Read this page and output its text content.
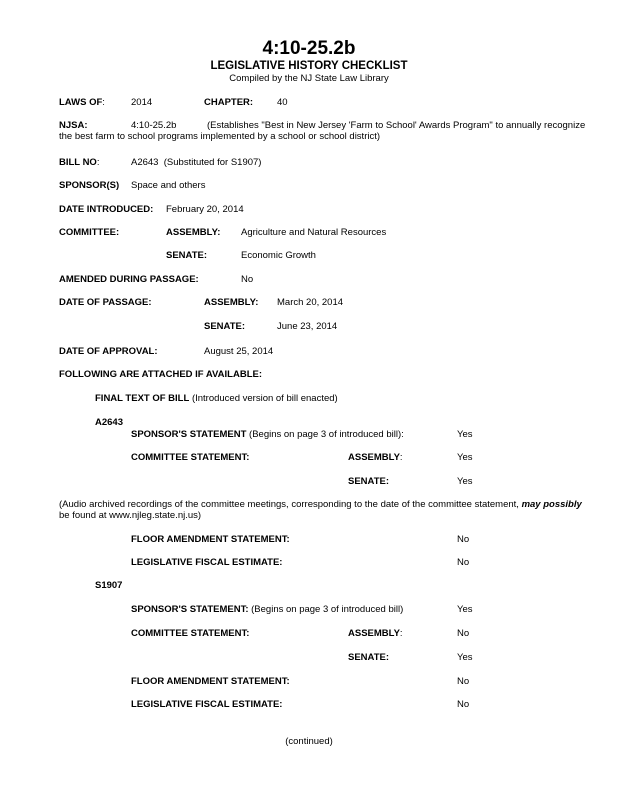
4:10-25.2b
LEGISLATIVE HISTORY CHECKLIST
Compiled by the NJ State Law Library
LAWS OF:	2014	CHAPTER:	40
NJSA:	4:10-25.2b	(Establishes "Best in New Jersey 'Farm to School' Awards Program" to annually recognize
the best farm to school programs implemented by a school or school district)
BILL NO:	A2643 (Substituted for S1907)
SPONSOR(S) Space and others
DATE INTRODUCED: February 20, 2014
COMMITTEE:	ASSEMBLY: Agriculture and Natural Resources
SENATE:	Economic Growth
AMENDED DURING PASSAGE:	No
DATE OF PASSAGE:	ASSEMBLY: March 20, 2014
SENATE:	June 23, 2014
DATE OF APPROVAL:	August 25, 2014
FOLLOWING ARE ATTACHED IF AVAILABLE:
FINAL TEXT OF BILL (Introduced version of bill enacted)
A2643
SPONSOR'S STATEMENT (Begins on page 3 of introduced bill):	Yes
COMMITTEE STATEMENT:	ASSEMBLY:	Yes
SENATE:	Yes
(Audio archived recordings of the committee meetings, corresponding to the date of the committee statement, may possibly
be found at www.njleg.state.nj.us)
FLOOR AMENDMENT STATEMENT:	No
LEGISLATIVE FISCAL ESTIMATE:	No
S1907
SPONSOR'S STATEMENT: (Begins on page 3 of introduced bill)	Yes
COMMITTEE STATEMENT:	ASSEMBLY:	No
SENATE:	Yes
FLOOR AMENDMENT STATEMENT:	No
LEGISLATIVE FISCAL ESTIMATE:	No
(continued)
